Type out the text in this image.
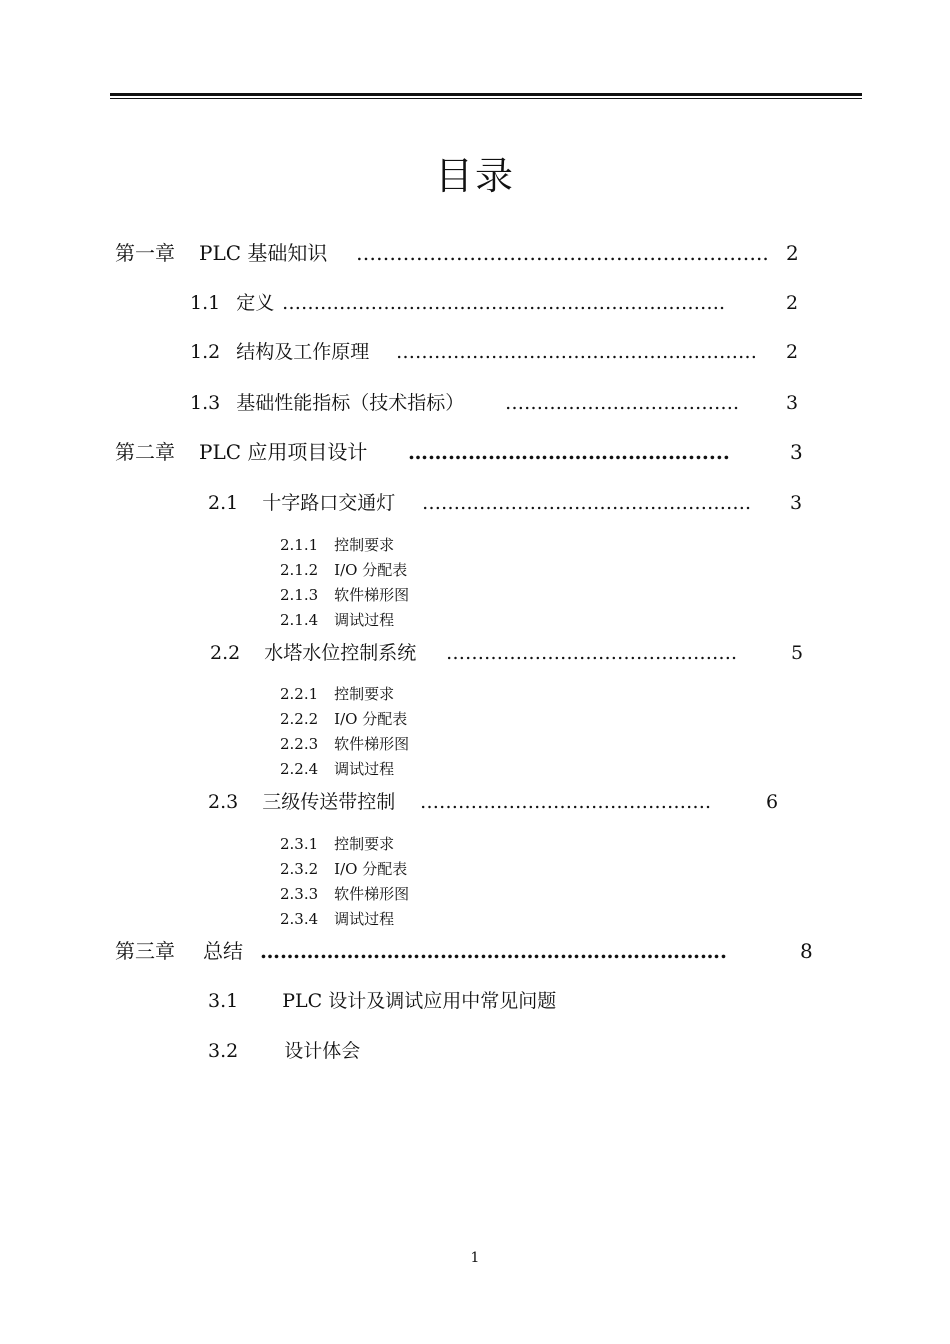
目录
第一章 PLC 基础知识 …………………………………………………….. 2
1.1 定义 …………………………………………………………….	2
1.2 结构及工作原理 …………………………………………………	2
1.3 基础性能指标（技术指标） ……………………………….	3
第二章 PLC 应用项目设计 ……………………………………......	3
2.1 十字路口交通灯 …………………………………………….	3
2.1.1 控制要求
2.1.2 I/O 分配表
2.1.3 软件梯形图
2.1.4 调试过程
2.2 水塔水位控制系统 ……………………………………….	5
2.2.1 控制要求
2.2.2 I/O 分配表
2.2.3 软件梯形图
2.2.4 调试过程
2.3 三级传送带控制 ……………………………………….	6
2.3.1 控制要求
2.3.2 I/O 分配表
2.3.3 软件梯形图
2.3.4 调试过程
第三章 总结 …………………………………………………………….	8
3.1 PLC 设计及调试应用中常见问题
3.2 设计体会
1
